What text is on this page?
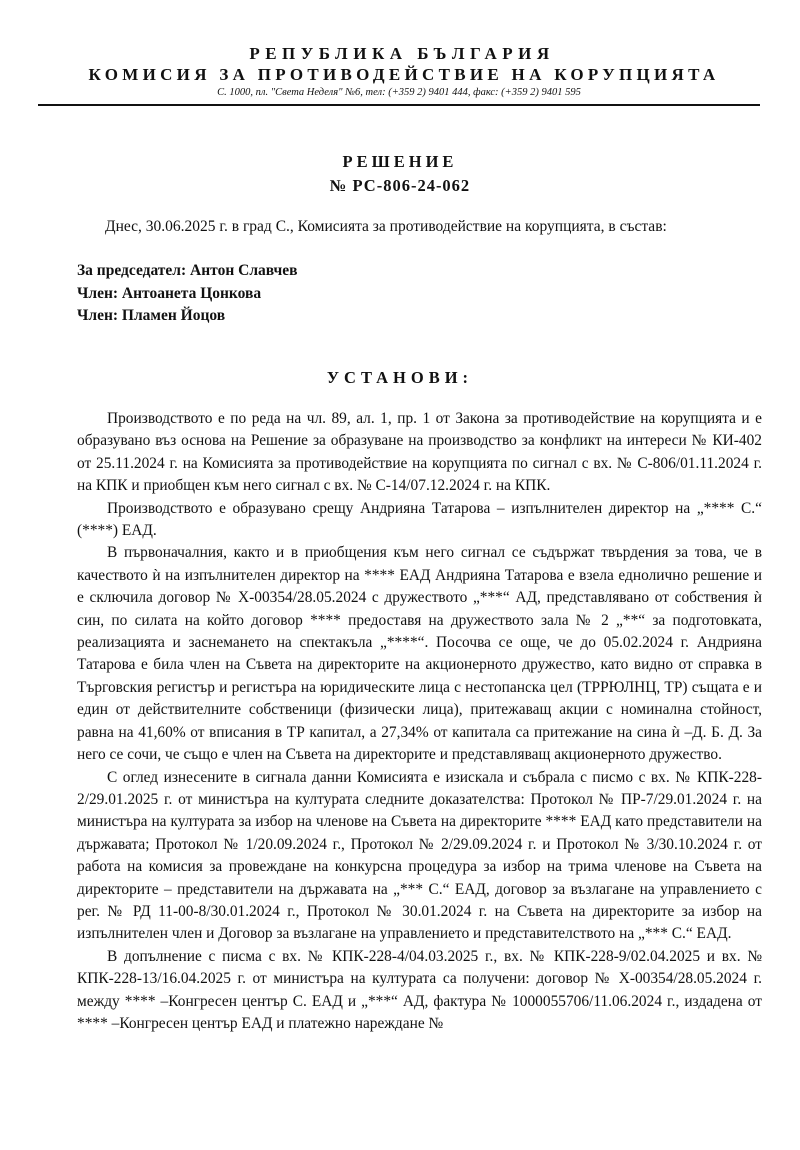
РЕПУБЛИКА БЪЛГАРИЯ
КОМИСИЯ ЗА ПРОТИВОДЕЙСТВИЕ НА КОРУПЦИЯТА
С. 1000, пл. "Света Неделя" №6, тел: (+359 2) 9401 444, факс: (+359 2) 9401 595
РЕШЕНИЕ
№ РС-806-24-062
Днес, 30.06.2025 г. в град С., Комисията за противодействие на корупцията, в състав:
За председател: Антон Славчев
Член: Антоанета Цонкова
Член: Пламен Йоцов
УСТАНОВИ:

Производството е по реда на чл. 89, ал. 1, пр. 1 от Закона за противодействие на корупцията и е образувано въз основа на Решение за образуване на производство за конфликт на интереси № КИ-402 от 25.11.2024 г. на Комисията за противодействие на корупцията по сигнал с вх. № С-806/01.11.2024 г. на КПК и приобщен към него сигнал с вх. № С-14/07.12.2024 г. на КПК.

Производството е образувано срещу Андрияна Татарова – изпълнителен директор на „**** С.“ (****) ЕАД.

В първоначалния, както и в приобщения към него сигнал се съдържат твърдения за това, че в качеството ѝ на изпълнителен директор на **** ЕАД Андрияна Татарова е взела еднолично решение и е сключила договор № Х-00354/28.05.2024 с дружеството „***“ АД, представлявано от собствения ѝ син, по силата на който договор **** предоставя на дружеството зала № 2 „**“ за подготовката, реализацията и заснемането на спектакъла „****“. Посочва се още, че до 05.02.2024 г. Андрияна Татарова е била член на Съвета на директорите на акционерното дружество, като видно от справка в Търговския регистър и регистъра на юридическите лица с нестопанска цел (ТРРЮЛНЦ, ТР) същата е и един от действителните собственици (физически лица), притежаващ акции с номинална стойност, равна на 41,60% от вписания в ТР капитал, а 27,34% от капитала са притежание на сина ѝ –Д. Б. Д. За него се сочи, че също е член на Съвета на директорите и представляващ акционерното дружество.

С оглед изнесените в сигнала данни Комисията е изискала и събрала с писмо с вх. № КПК-228-2/29.01.2025 г. от министъра на културата следните доказателства: Протокол № ПР-7/29.01.2024 г. на министъра на културата за избор на членове на Съвета на директорите **** ЕАД като представители на държавата; Протокол № 1/20.09.2024 г., Протокол № 2/29.09.2024 г. и Протокол № 3/30.10.2024 г. от работа на комисия за провеждане на конкурсна процедура за избор на трима членове на Съвета на директорите – представители на държавата на „*** С.“ ЕАД, договор за възлагане на управлението с рег. № РД 11-00-8/30.01.2024 г., Протокол № 30.01.2024 г. на Съвета на директорите за избор на изпълнителен член и Договор за възлагане на управлението и представителството на „*** С.“ ЕАД.

В допълнение с писма с вх. № КПК-228-4/04.03.2025 г., вх. № КПК-228-9/02.04.2025 и вх. № КПК-228-13/16.04.2025 г. от министъра на културата са получени: договор № Х-00354/28.05.2024 г. между **** –Конгресен център С. ЕАД и „***“ АД, фактура № 1000055706/11.06.2024 г., издадена от **** –Конгресен център ЕАД и платежно нареждане №
